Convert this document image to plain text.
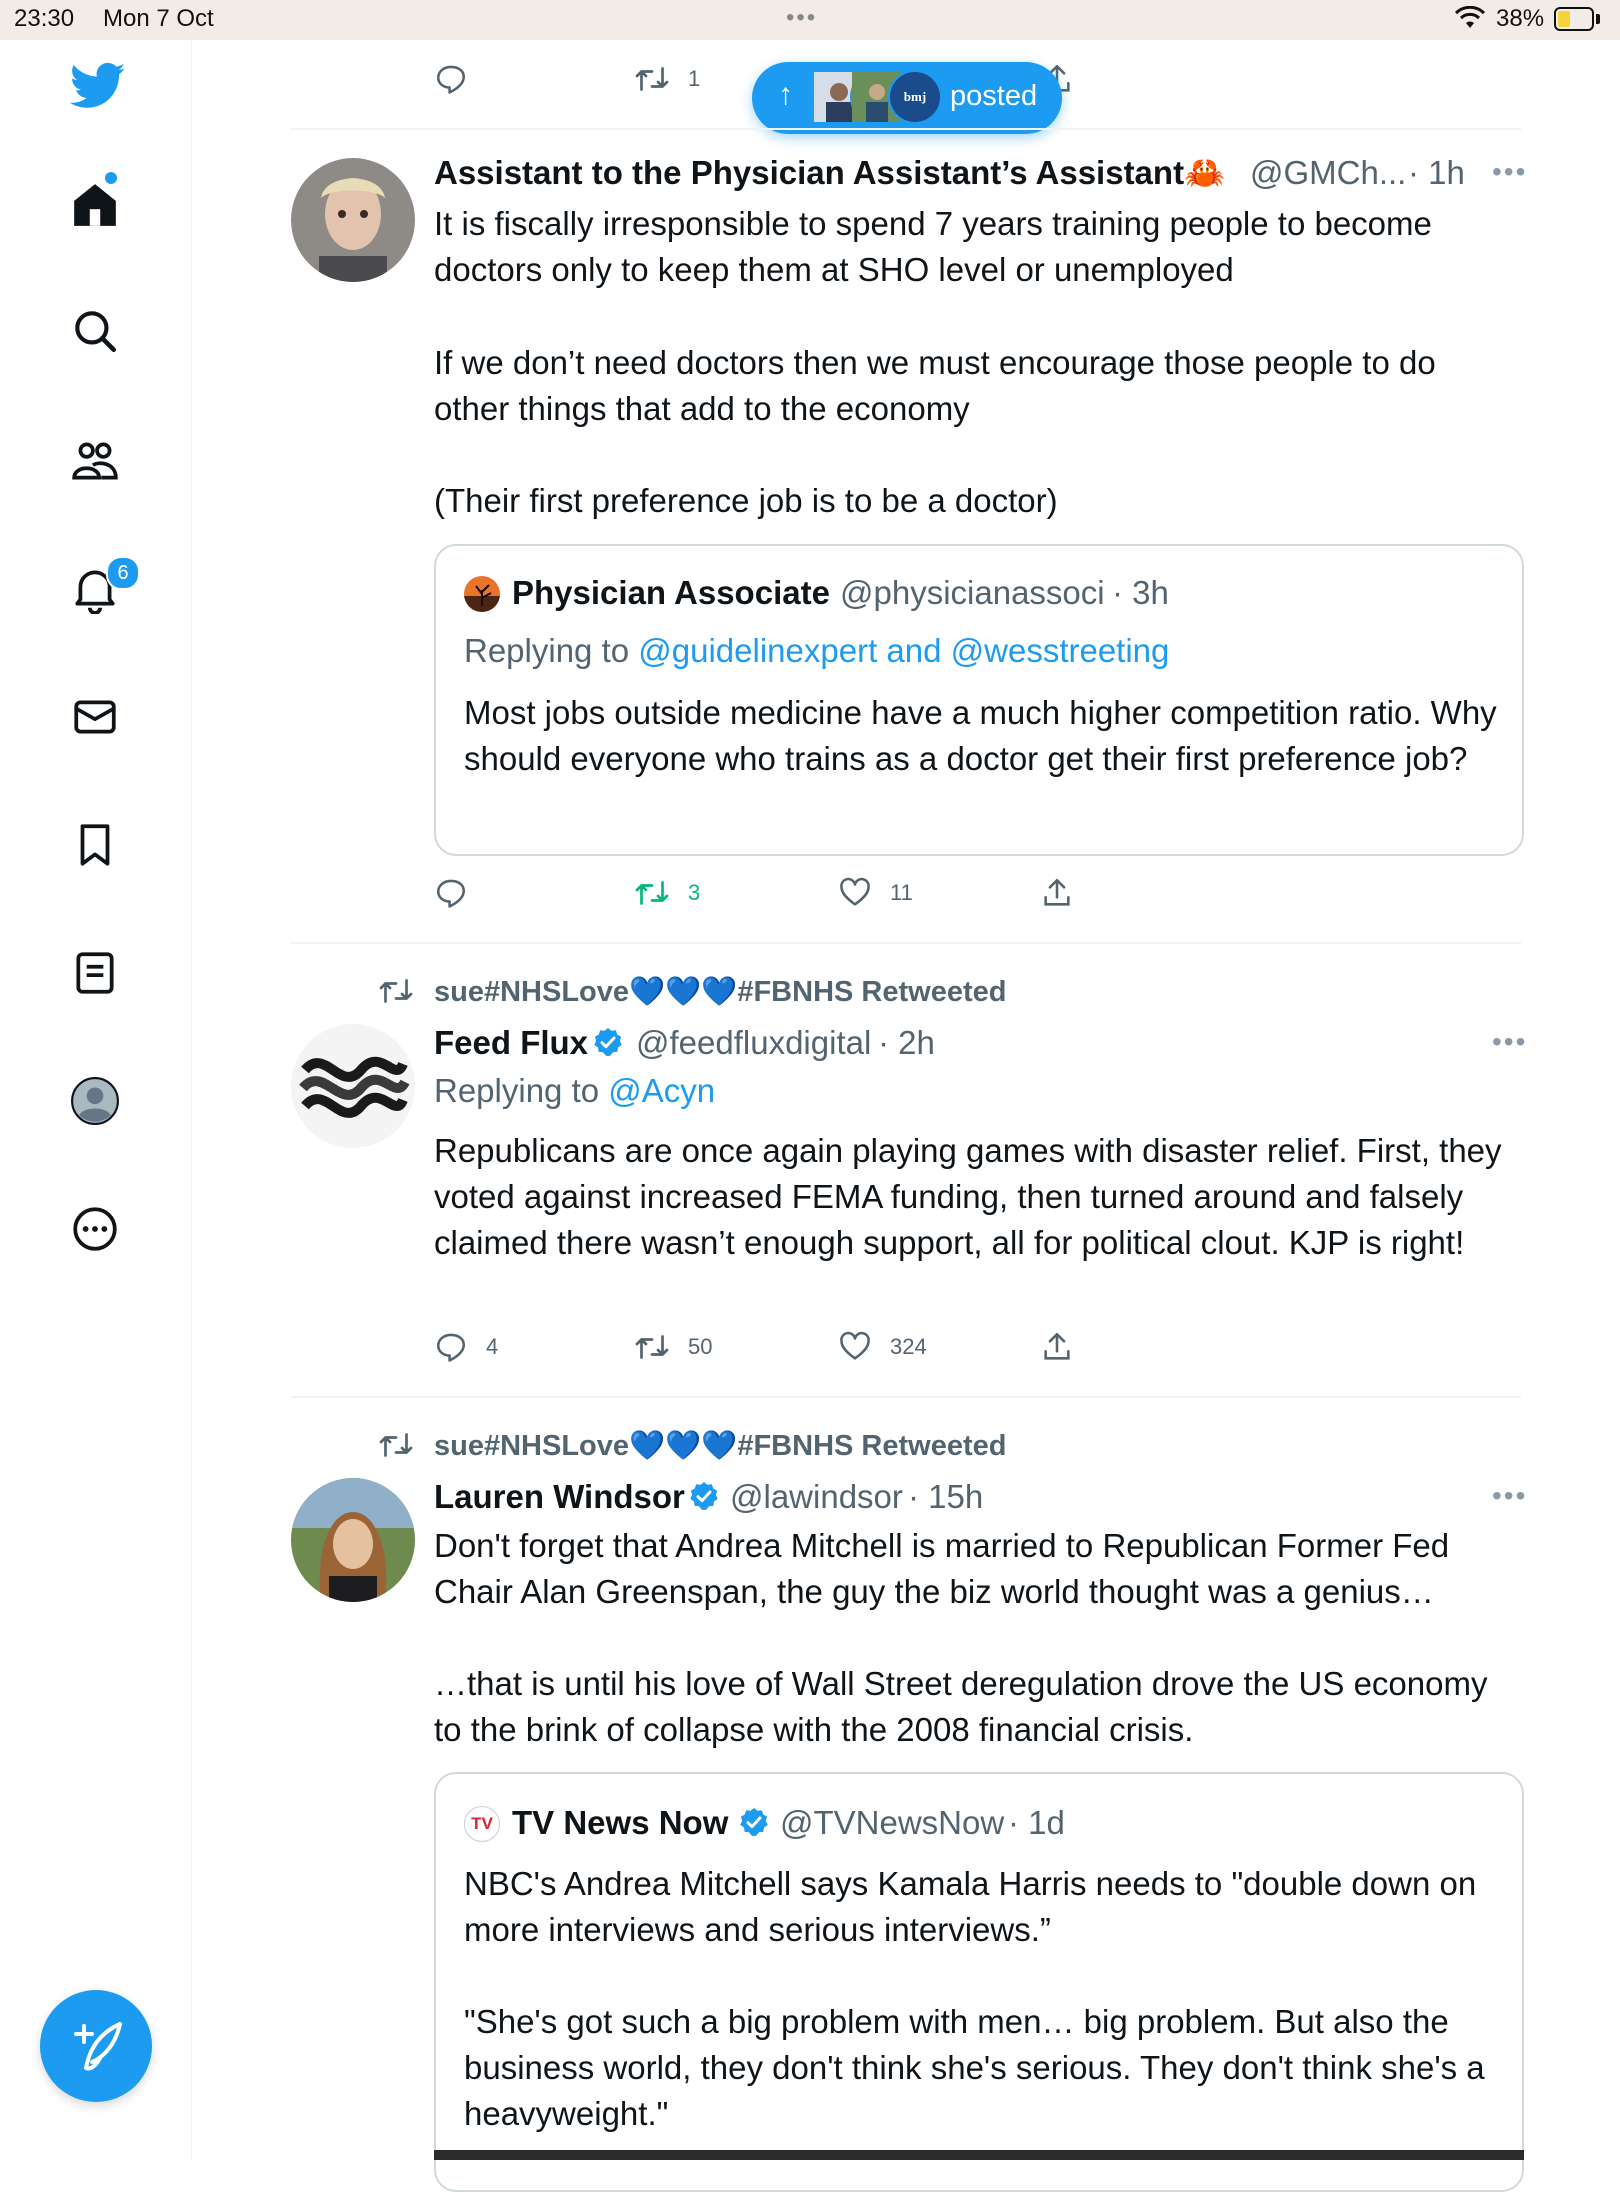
23:30 Mon 7 Oct	•••	38%
6
1	↑	bmj posted
Assistant to the Physician Assistant’s Assistant🦀 @GMCh... · 1h •••
It is fiscally irresponsible to spend 7 years training people to become doctors only to keep them at SHO level or unemployed
If we don’t need doctors then we must encourage those people to do other things that add to the economy
(Their first preference job is to be a doctor)
Physician Associate @physicianassoci · 3h
Replying to @guidelinexpert and @wesstreeting
Most jobs outside medicine have a much higher competition ratio. Why should everyone who trains as a doctor get their first preference job?
3	11
sue#NHSLove💙💙💙#FBNHS Retweeted
Feed Flux @feedfluxdigital · 2h	•••
Replying to @Acyn
Republicans are once again playing games with disaster relief. First, they voted against increased FEMA funding, then turned around and falsely claimed there wasn’t enough support, all for political clout. KJP is right!
4	50	324
sue#NHSLove💙💙💙#FBNHS Retweeted
Lauren Windsor @lawindsor · 15h	•••
Don't forget that Andrea Mitchell is married to Republican Former Fed Chair Alan Greenspan, the guy the biz world thought was a genius…
…that is until his love of Wall Street deregulation drove the US economy to the brink of collapse with the 2008 financial crisis.
TV TV News Now @TVNewsNow · 1d
NBC's Andrea Mitchell says Kamala Harris needs to "double down on more interviews and serious interviews.”
"She's got such a big problem with men… big problem. But also the business world, they don't think she's serious. They don't think she's a heavyweight."
